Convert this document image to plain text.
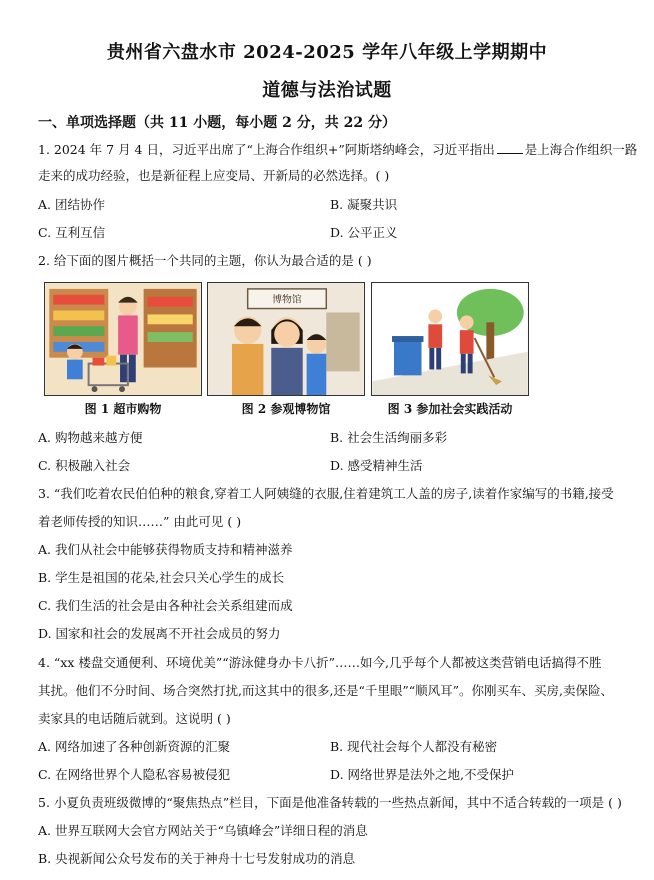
贵州省六盘水市 2024-2025 学年八年级上学期期中
道德与法治试题
一、单项选择题（共 11 小题，每小题 2 分，共 22 分）
1. 2024 年 7 月 4 日，习近平出席了“上海合作组织+”阿斯塔纳峰会，习近平指出 是上海合作组织一路
走来的成功经验，也是新征程上应变局、开新局的必然选择。( )
A. 团结协作	B. 凝聚共识
C. 互利互信	D. 公平正义
2. 给下面的图片概括一个共同的主题，你认为最合适的是 ( )
图 1 超市购物
博物馆
图 2 参观博物馆	图 3 参加社会实践活动
A. 购物越来越方便	B. 社会生活绚丽多彩
C. 积极融入社会	D. 感受精神生活
3. “我们吃着农民伯伯种的粮食,穿着工人阿姨缝的衣服,住着建筑工人盖的房子,读着作家编写的书籍,接受
着老师传授的知识……” 由此可见 ( )
A. 我们从社会中能够获得物质支持和精神滋养
B. 学生是祖国的花朵,社会只关心学生的成长
C. 我们生活的社会是由各种社会关系组建而成
D. 国家和社会的发展离不开社会成员的努力
4. “xx 楼盘交通便利、环境优美”“游泳健身办卡八折”……如今,几乎每个人都被这类营销电话搞得不胜
其扰。他们不分时间、场合突然打扰,而这其中的很多,还是“千里眼”“顺风耳”。你刚买车、买房,卖保险、
卖家具的电话随后就到。这说明 ( )
A. 网络加速了各种创新资源的汇聚	B. 现代社会每个人都没有秘密
C. 在网络世界个人隐私容易被侵犯	D. 网络世界是法外之地,不受保护
5. 小夏负责班级微博的“聚焦热点”栏目，下面是他准备转载的一些热点新闻，其中不适合转载的一项是 ( )
A. 世界互联网大会官方网站关于“乌镇峰会”详细日程的消息
B. 央视新闻公众号发布的关于神舟十七号发射成功的消息
